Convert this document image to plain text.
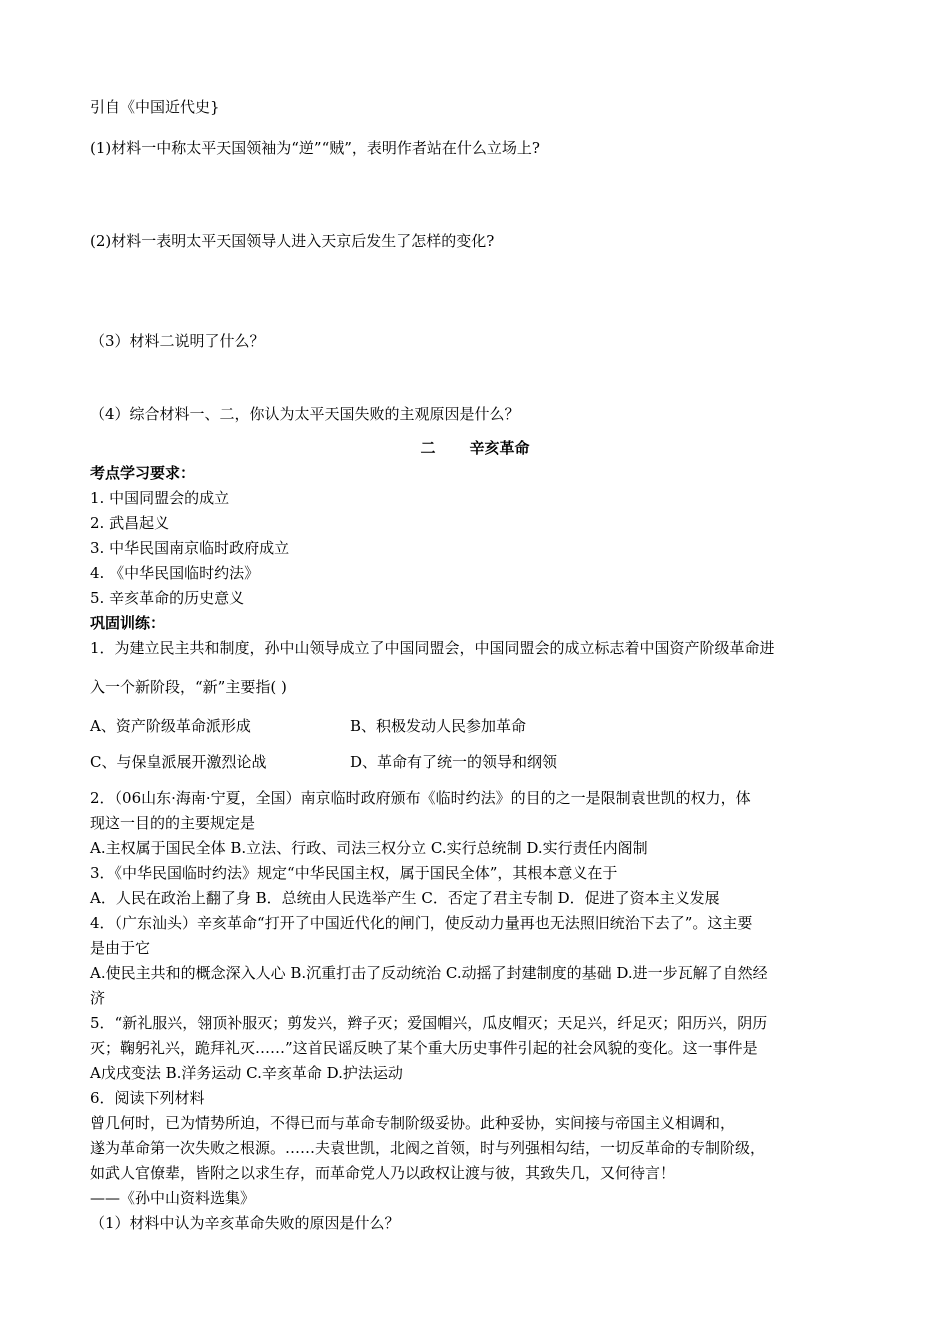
引自《中国近代史}
(1)材料一中称太平天国领袖为“逆”“贼”，表明作者站在什么立场上?
(2)材料一表明太平天国领导人进入天京后发生了怎样的变化?
（3）材料二说明了什么？
（4）综合材料一、二，你认为太平天国失败的主观原因是什么？
二 辛亥革命
考点学习要求：
1. 中国同盟会的成立
2. 武昌起义
3. 中华民国南京临时政府成立
4. 《中华民国临时约法》
5. 辛亥革命的历史意义
巩固训练：
1．为建立民主共和制度，孙中山领导成立了中国同盟会，中国同盟会的成立标志着中国资产阶级革命进
入一个新阶段，“新”主要指( )
A、资产阶级革命派形成	B、积极发动人民参加革命
C、与保皇派展开激烈论战	D、革命有了统一的领导和纲领
2．（06山东·海南·宁夏，全国）南京临时政府颁布《临时约法》的目的之一是限制袁世凯的权力，体
现这一目的的主要规定是
A.主权属于国民全体 B.立法、行政、司法三权分立 C.实行总统制 D.实行责任内阁制
3．《中华民国临时约法》规定“中华民国主权，属于国民全体”，其根本意义在于
A．人民在政治上翻了身 B．总统由人民选举产生 C．否定了君主专制 D．促进了资本主义发展
4．（广东汕头）辛亥革命“打开了中国近代化的闸门，使反动力量再也无法照旧统治下去了”。这主要
是由于它
A.使民主共和的概念深入人心 B.沉重打击了反动统治 C.动摇了封建制度的基础 D.进一步瓦解了自然经
济
5．“新礼服兴，翎顶补服灭；剪发兴，辫子灭；爱国帽兴，瓜皮帽灭；天足兴，纤足灭；阳历兴，阴历
灭；鞠躬礼兴，跪拜礼灭……”这首民谣反映了某个重大历史事件引起的社会风貌的变化。这一事件是
A戊戌变法 B.洋务运动 C.辛亥革命 D.护法运动
6．阅读下列材料
曾几何时，已为情势所迫，不得已而与革命专制阶级妥协。此种妥协，实间接与帝国主义相调和，
遂为革命第一次失败之根源。……夫袁世凯，北阀之首领，时与列强相勾结，一切反革命的专制阶级，
如武人官僚辈，皆附之以求生存，而革命党人乃以政权让渡与彼，其致失几，又何待言！
——《孙中山资料选集》
（1）材料中认为辛亥革命失败的原因是什么？
